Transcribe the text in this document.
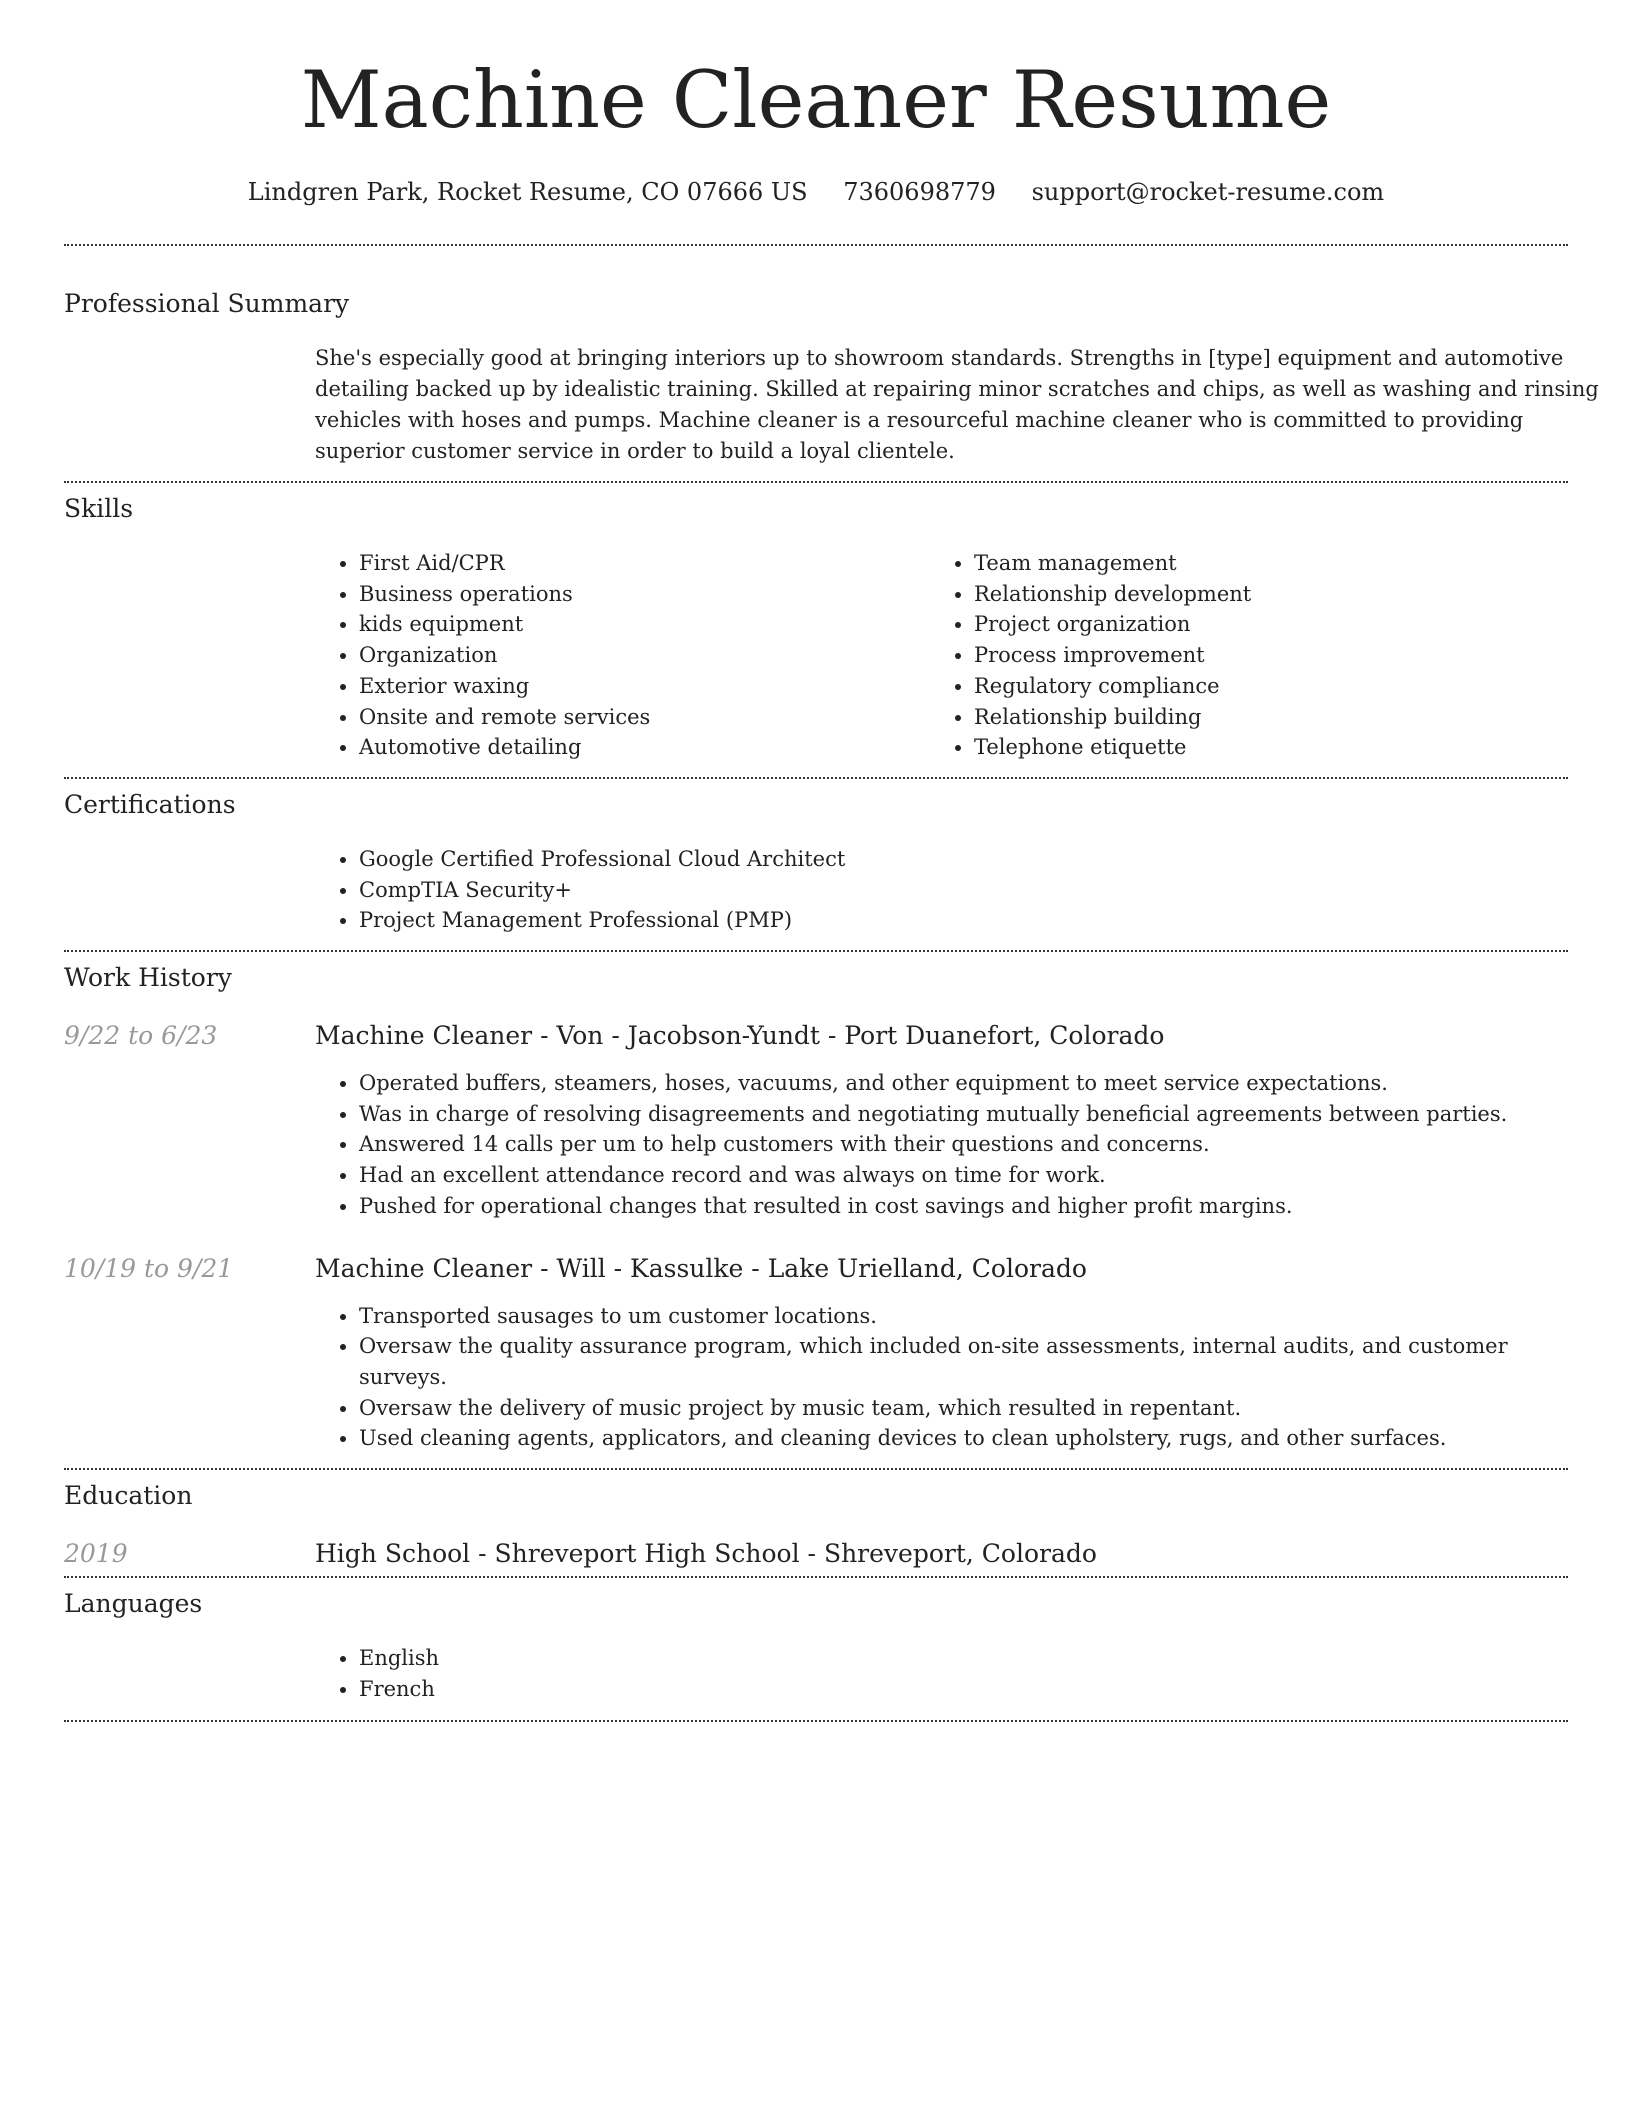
Machine Cleaner Resume
Lindgren Park, Rocket Resume, CO 07666 US 7360698779 support@rocket-resume.com
Professional Summary

She's especially good at bringing interiors up to showroom standards. Strengths in [type] equipment and automotive detailing backed up by idealistic training. Skilled at repairing minor scratches and chips, as well as washing and rinsing vehicles with hoses and pumps. Machine cleaner is a resourceful machine cleaner who is committed to providing superior customer service in order to build a loyal clientele.

Skills
• First Aid/CPR
• Business operations
• kids equipment
• Organization
• Exterior waxing
• Onsite and remote services
• Automotive detailing
• Team management
• Relationship development
• Project organization
• Process improvement
• Regulatory compliance
• Relationship building
• Telephone etiquette
Certifications
• Google Certified Professional Cloud Architect
• CompTIA Security+
• Project Management Professional (PMP)
Work History
9/22 to 6/23	Machine Cleaner - Von - Jacobson-Yundt - Port Duanefort, Colorado
• Operated buffers, steamers, hoses, vacuums, and other equipment to meet service expectations.
• Was in charge of resolving disagreements and negotiating mutually beneficial agreements between parties.
• Answered 14 calls per um to help customers with their questions and concerns.
• Had an excellent attendance record and was always on time for work.
• Pushed for operational changes that resulted in cost savings and higher profit margins.
10/19 to 9/21	Machine Cleaner - Will - Kassulke - Lake Urielland, Colorado
• Transported sausages to um customer locations.
• Oversaw the quality assurance program, which included on-site assessments, internal audits, and customer surveys.
• Oversaw the delivery of music project by music team, which resulted in repentant.
• Used cleaning agents, applicators, and cleaning devices to clean upholstery, rugs, and other surfaces.
Education
2019	High School - Shreveport High School - Shreveport, Colorado
Languages
• English
• French
